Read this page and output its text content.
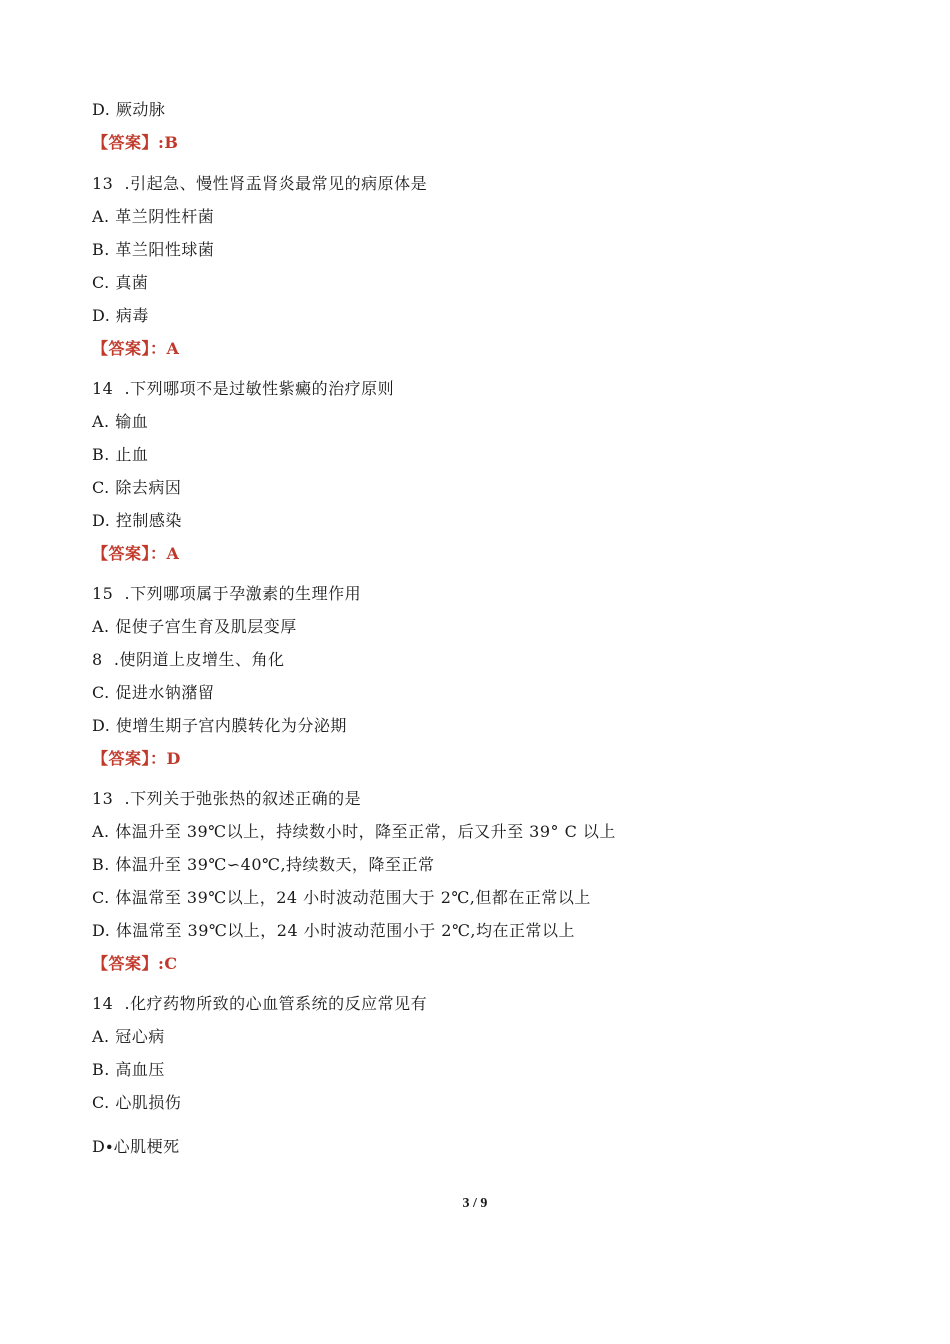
D. 厥动脉
【答案】:B
13  .引起急、慢性肾盂肾炎最常见的病原体是
A. 革兰阴性杆菌
B. 革兰阳性球菌
C. 真菌
D. 病毒
【答案】：A
14  .下列哪项不是过敏性紫癜的治疗原则
A. 输血
B. 止血
C. 除去病因
D. 控制感染
【答案】：A
15  .下列哪项属于孕激素的生理作用
A. 促使子宫生育及肌层变厚
8  .使阴道上皮增生、角化
C. 促进水钠潴留
D. 使增生期子宫内膜转化为分泌期
【答案】：D
13  .下列关于弛张热的叙述正确的是
A. 体温升至 39℃以上，持续数小时，降至正常，后又升至 39° C 以上
B. 体温升至 39℃∽40℃,持续数天，降至正常
C. 体温常至 39℃以上，24 小时波动范围大于 2℃,但都在正常以上
D. 体温常至 39℃以上，24 小时波动范围小于 2℃,均在正常以上
【答案】:C
14  .化疗药物所致的心血管系统的反应常见有
A. 冠心病
B. 高血压
C. 心肌损伤
D∙心肌梗死
3 / 9
